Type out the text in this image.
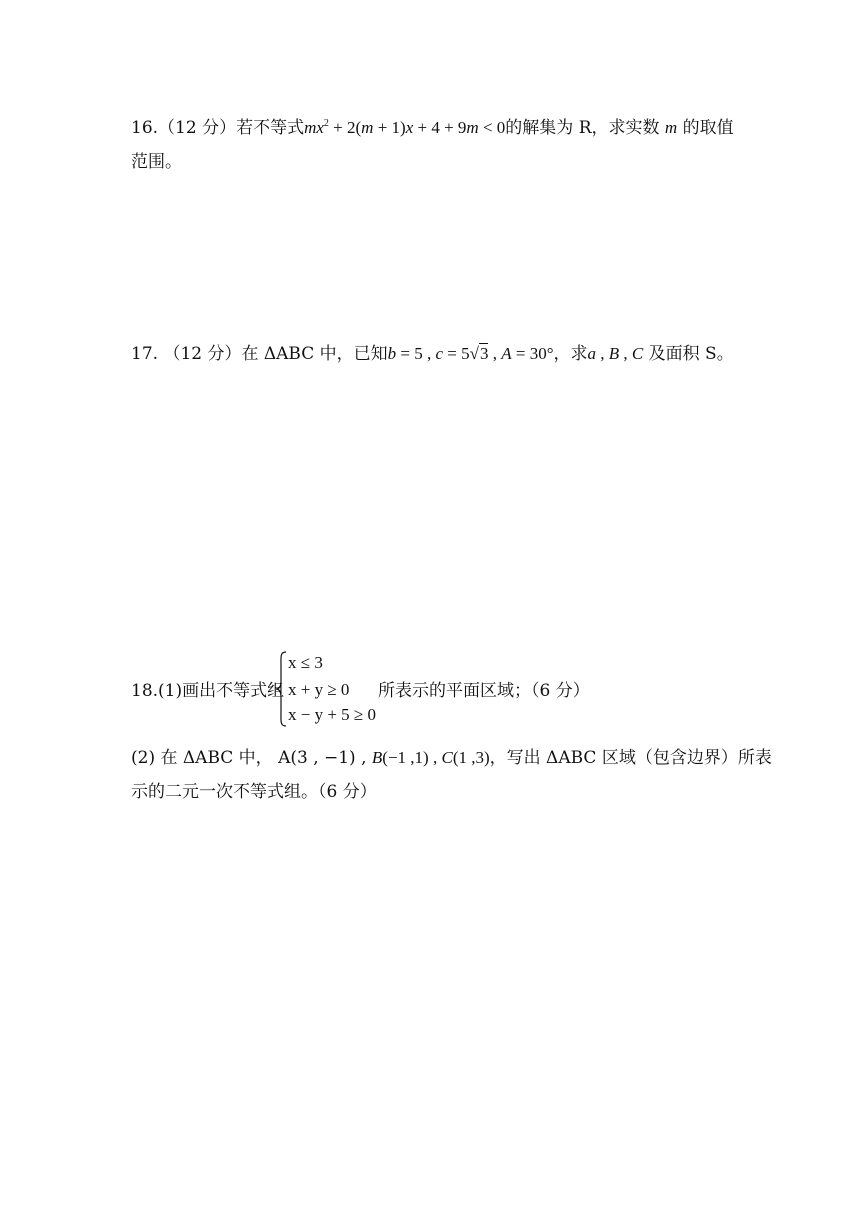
16.（12 分）若不等式$mx^2 + 2(m + 1)x + 4 + 9m < 0$的解集为 R，求实数 m 的取值
范围。
17. （12 分）在 ΔABC 中，已知b = 5 , c = 5√3 , A = 30°，求a , B , C 及面积 S。
18.(1)画出不等式组
x ≤ 3
x + y ≥ 0
x − y + 5 ≥ 0
所表示的平面区域；（6 分）
(2) 在 ΔABC 中， A(3 , −1) , B(−1 ,1) , C(1 ,3)，写出 ΔABC 区域（包含边界）所表
示的二元一次不等式组。（6 分）
